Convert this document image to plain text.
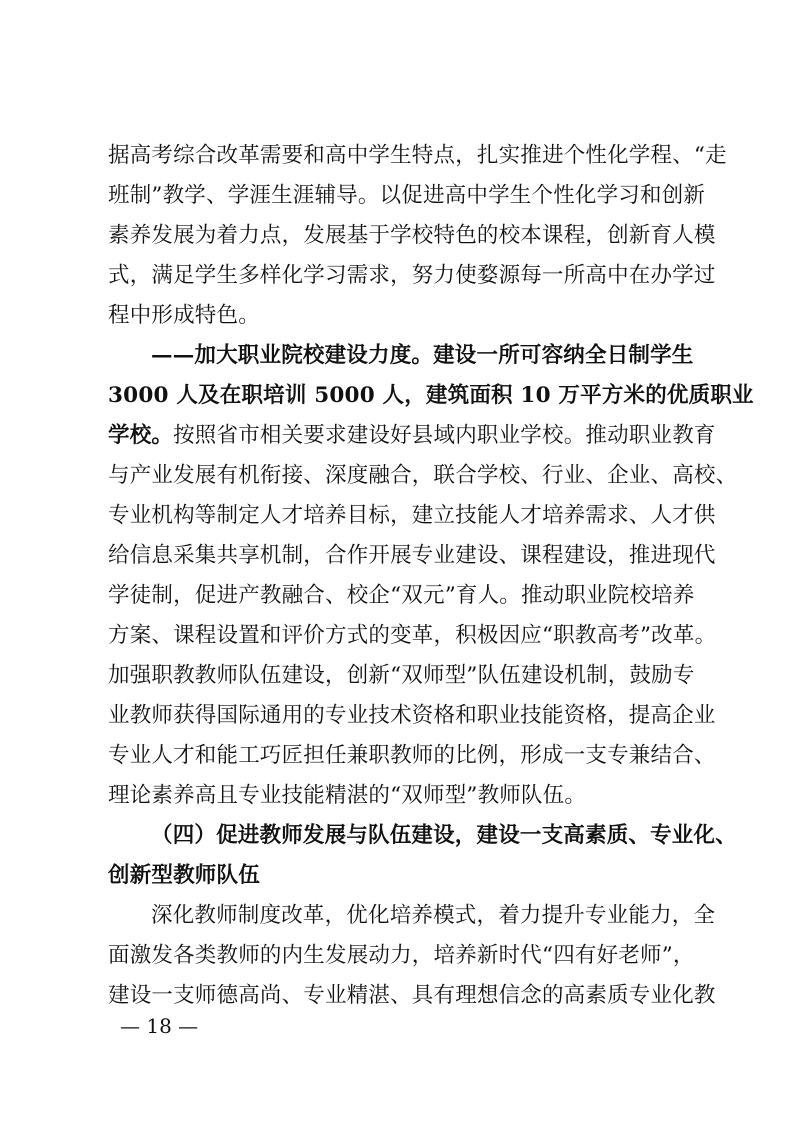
据高考综合改革需要和高中学生特点，扎实推进个性化学程、“走
班制”教学、学涯生涯辅导。以促进高中学生个性化学习和创新
素养发展为着力点，发展基于学校特色的校本课程，创新育人模
式，满足学生多样化学习需求，努力使婺源每一所高中在办学过
程中形成特色。
——加大职业院校建设力度。建设一所可容纳全日制学生
3000 人及在职培训 5000 人，建筑面积 10 万平方米的优质职业
学校。按照省市相关要求建设好县域内职业学校。推动职业教育
与产业发展有机衔接、深度融合，联合学校、行业、企业、高校、
专业机构等制定人才培养目标，建立技能人才培养需求、人才供
给信息采集共享机制，合作开展专业建设、课程建设，推进现代
学徒制，促进产教融合、校企“双元”育人。推动职业院校培养
方案、课程设置和评价方式的变革，积极因应“职教高考”改革。
加强职教教师队伍建设，创新“双师型”队伍建设机制，鼓励专
业教师获得国际通用的专业技术资格和职业技能资格，提高企业
专业人才和能工巧匠担任兼职教师的比例，形成一支专兼结合、
理论素养高且专业技能精湛的“双师型”教师队伍。
（四）促进教师发展与队伍建设，建设一支高素质、专业化、
创新型教师队伍
深化教师制度改革，优化培养模式，着力提升专业能力，全
面激发各类教师的内生发展动力，培养新时代“四有好老师”，
建设一支师德高尚、专业精湛、具有理想信念的高素质专业化教
— 18 —
